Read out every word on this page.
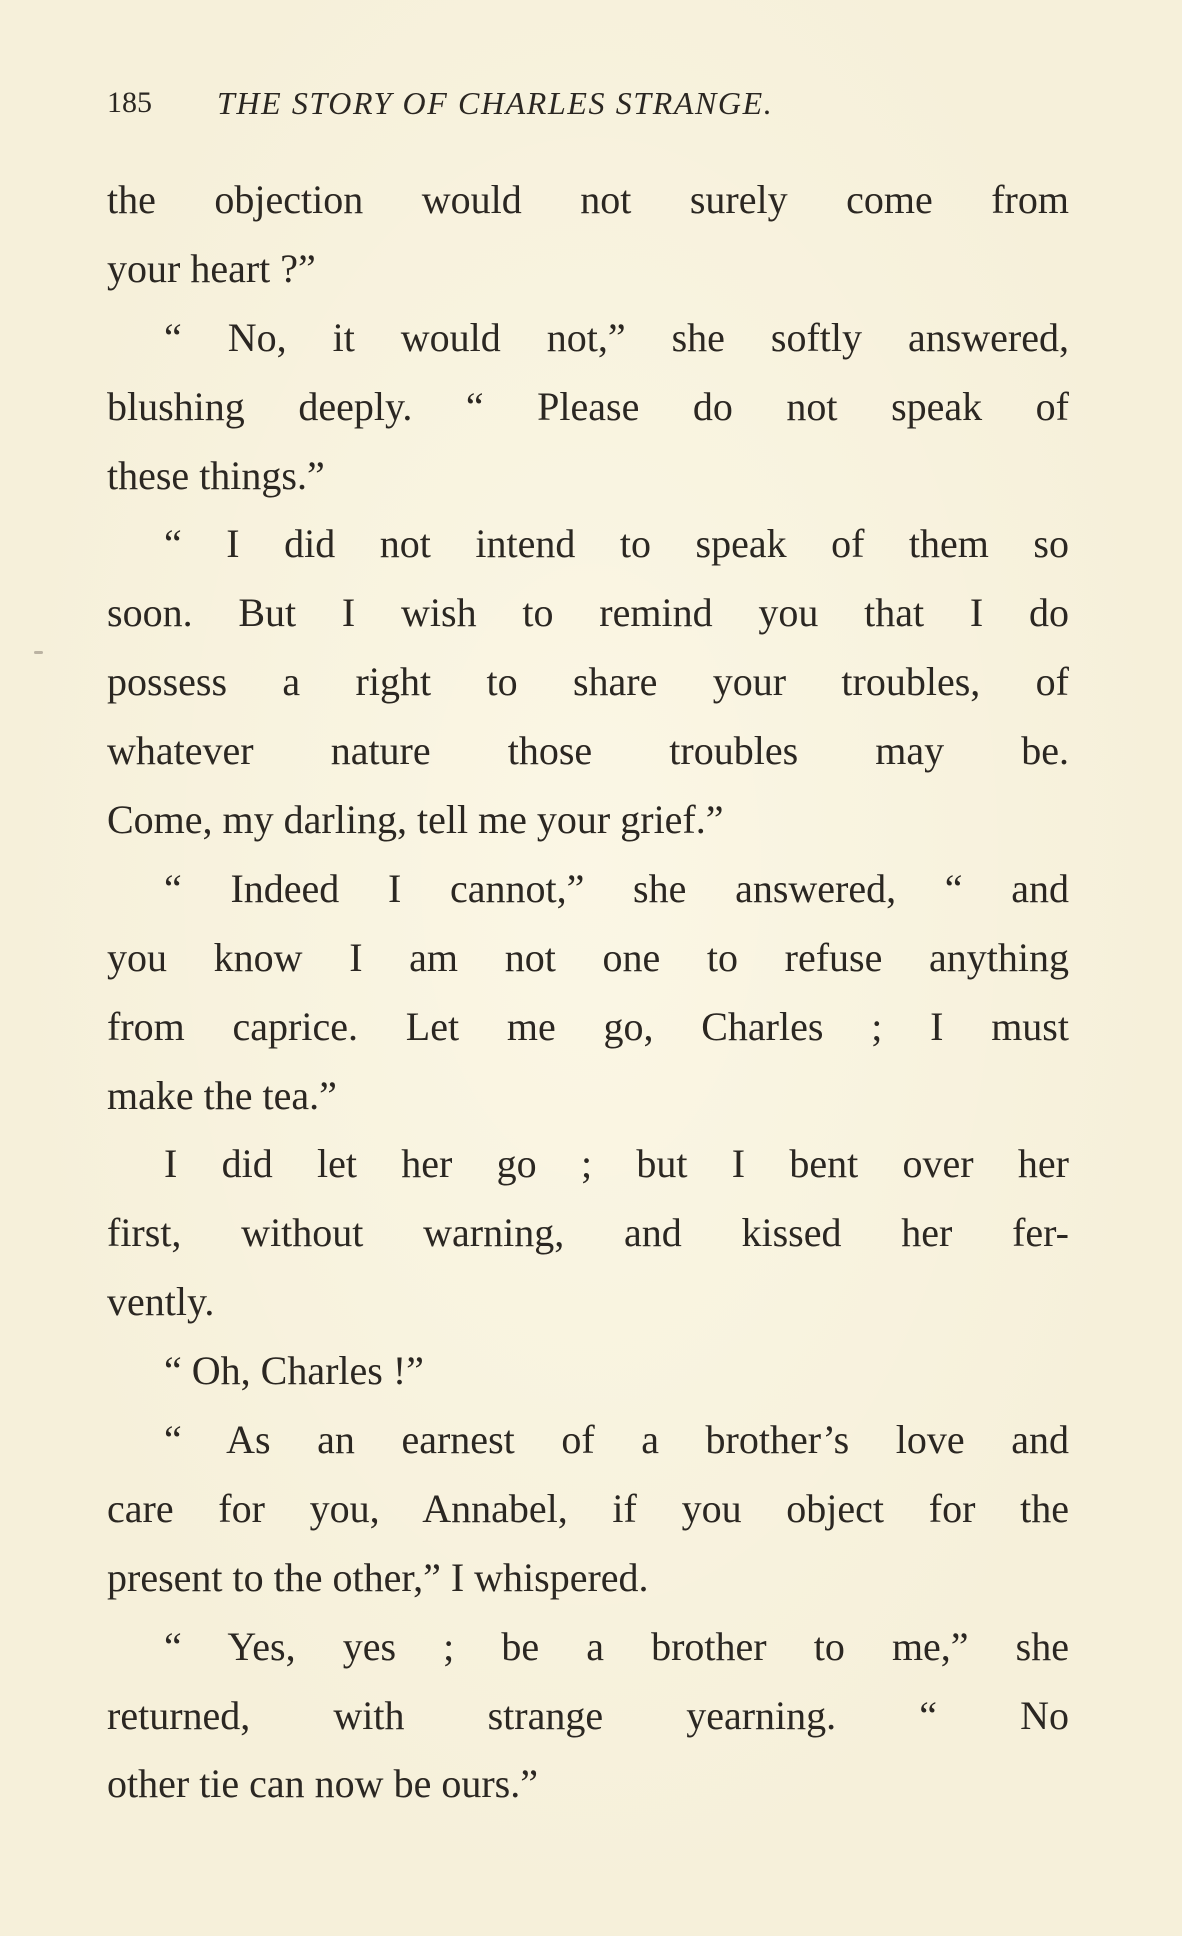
185 THE STORY OF CHARLES STRANGE.
the objection would not surely come from
your heart ?”
“ No, it would not,” she softly answered,
blushing deeply. “ Please do not speak of
these things.”
“ I did not intend to speak of them so
soon. But I wish to remind you that I do
possess a right to share your troubles, of
whatever nature those troubles may be.
Come, my darling, tell me your grief.”
“ Indeed I cannot,” she answered, “ and
you know I am not one to refuse anything
from caprice. Let me go, Charles ; I must
make the tea.”
I did let her go ; but I bent over her
first, without warning, and kissed her fer-
vently.
“ Oh, Charles !”
“ As an earnest of a brother’s love and
care for you, Annabel, if you object for the
present to the other,” I whispered.
“ Yes, yes ; be a brother to me,” she
returned, with strange yearning. “ No
other tie can now be ours.”
